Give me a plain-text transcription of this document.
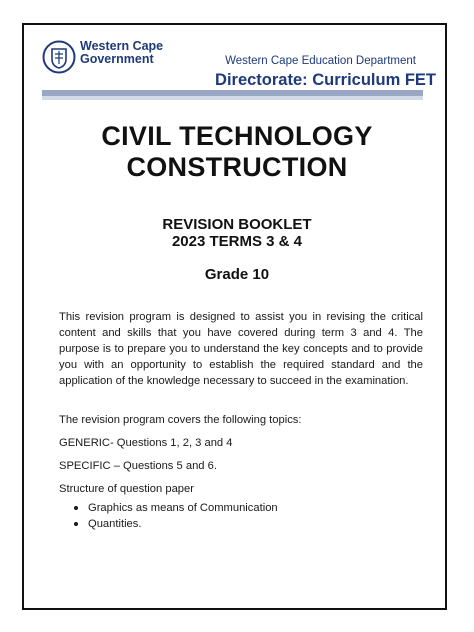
Western Cape
Government	Western Cape Education Department
Directorate: Curriculum FET
CIVIL TECHNOLOGY
CONSTRUCTION
REVISION BOOKLET
2023 TERMS 3 & 4
Grade 10
This revision program is designed to assist you in revising the critical content and skills that you have covered during term 3 and 4. The purpose is to prepare you to understand the key concepts and to provide you with an opportunity to establish the required standard and the application of the knowledge necessary to succeed in the examination.
The revision program covers the following topics:
GENERIC- Questions 1, 2, 3 and 4
SPECIFIC – Questions 5 and 6.
Structure of question paper
Graphics as means of Communication
Quantities.
